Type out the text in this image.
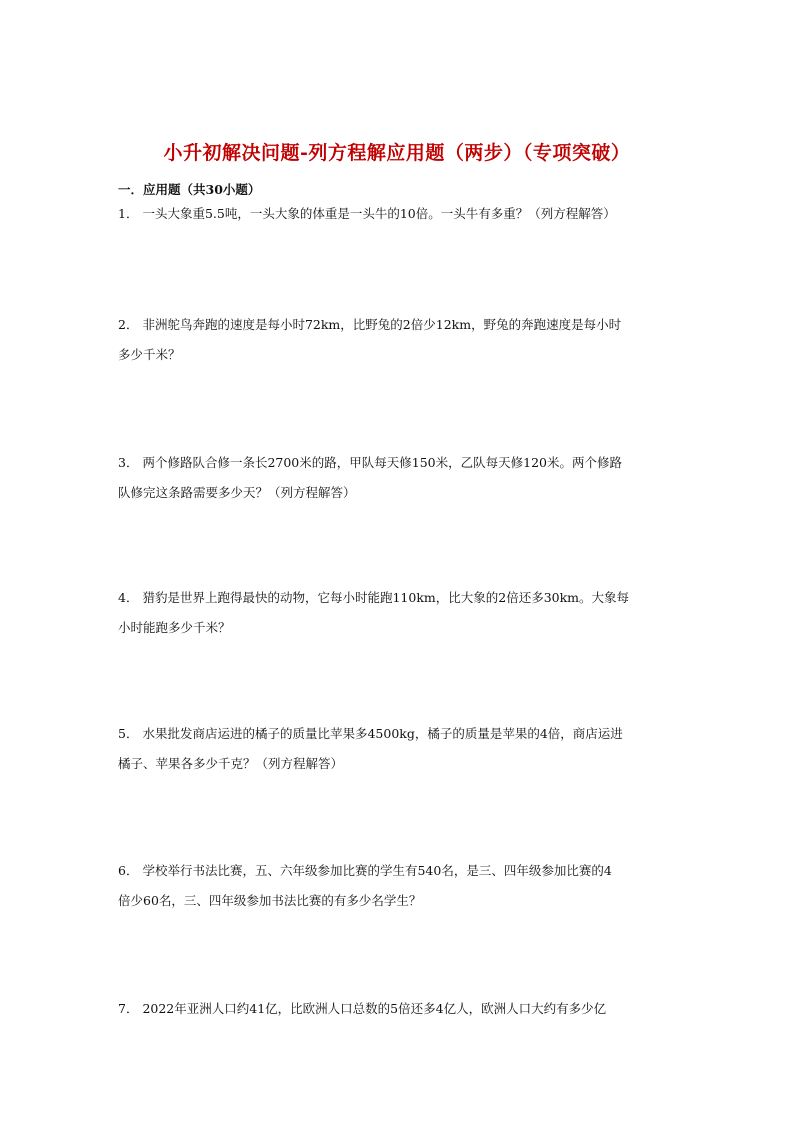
小升初解决问题-列方程解应用题（两步）（专项突破）
一．应用题（共30小题）
1． 一头大象重5.5吨，一头大象的体重是一头牛的10倍。一头牛有多重？（列方程解答）
2． 非洲鸵鸟奔跑的速度是每小时72km，比野兔的2倍少12km，野兔的奔跑速度是每小时
多少千米？
3． 两个修路队合修一条长2700米的路，甲队每天修150米，乙队每天修120米。两个修路
队修完这条路需要多少天？（列方程解答）
4． 猎豹是世界上跑得最快的动物，它每小时能跑110km，比大象的2倍还多30km。大象每
小时能跑多少千米？
5． 水果批发商店运进的橘子的质量比苹果多4500kg，橘子的质量是苹果的4倍，商店运进
橘子、苹果各多少千克？（列方程解答）
6． 学校举行书法比赛，五、六年级参加比赛的学生有540名，是三、四年级参加比赛的4
倍少60名，三、四年级参加书法比赛的有多少名学生？
7． 2022年亚洲人口约41亿，比欧洲人口总数的5倍还多4亿人，欧洲人口大约有多少亿
